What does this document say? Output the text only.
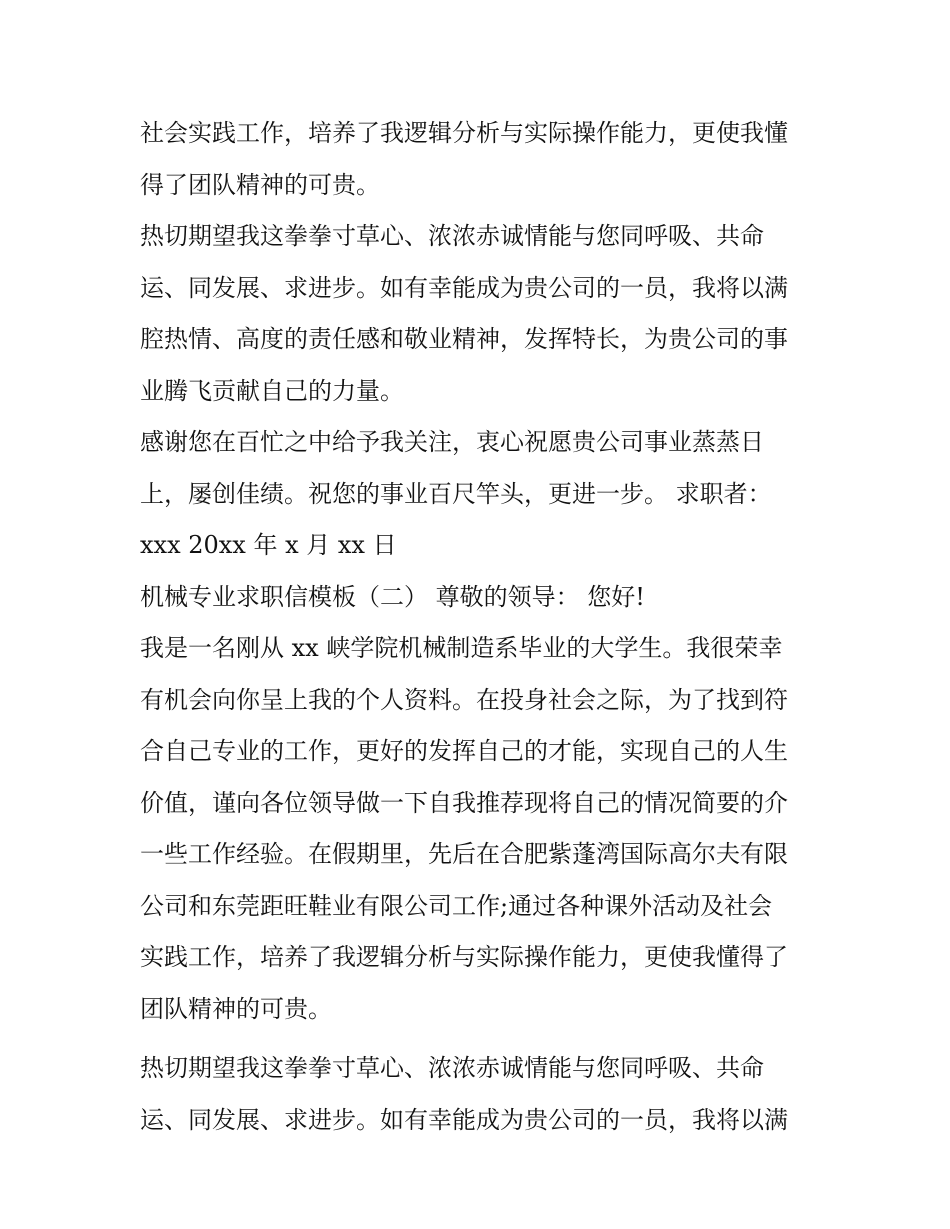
社会实践工作，培养了我逻辑分析与实际操作能力，更使我懂
得了团队精神的可贵。
热切期望我这拳拳寸草心、浓浓赤诚情能与您同呼吸、共命
运、同发展、求进步。如有幸能成为贵公司的一员，我将以满
腔热情、高度的责任感和敬业精神，发挥特长，为贵公司的事
业腾飞贡献自己的力量。
感谢您在百忙之中给予我关注，衷心祝愿贵公司事业蒸蒸日
上，屡创佳绩。祝您的事业百尺竿头，更进一步。 求职者：
xxx 20xx 年 x 月 xx 日
机械专业求职信模板（二） 尊敬的领导： 您好!
我是一名刚从 xx 峡学院机械制造系毕业的大学生。我很荣幸
有机会向你呈上我的个人资料。在投身社会之际，为了找到符
合自己专业的工作，更好的发挥自己的才能，实现自己的人生
价值，谨向各位领导做一下自我推荐现将自己的情况简要的介
一些工作经验。在假期里，先后在合肥紫蓬湾国际高尔夫有限
公司和东莞距旺鞋业有限公司工作;通过各种课外活动及社会
实践工作，培养了我逻辑分析与实际操作能力，更使我懂得了
团队精神的可贵。
热切期望我这拳拳寸草心、浓浓赤诚情能与您同呼吸、共命
运、同发展、求进步。如有幸能成为贵公司的一员，我将以满
